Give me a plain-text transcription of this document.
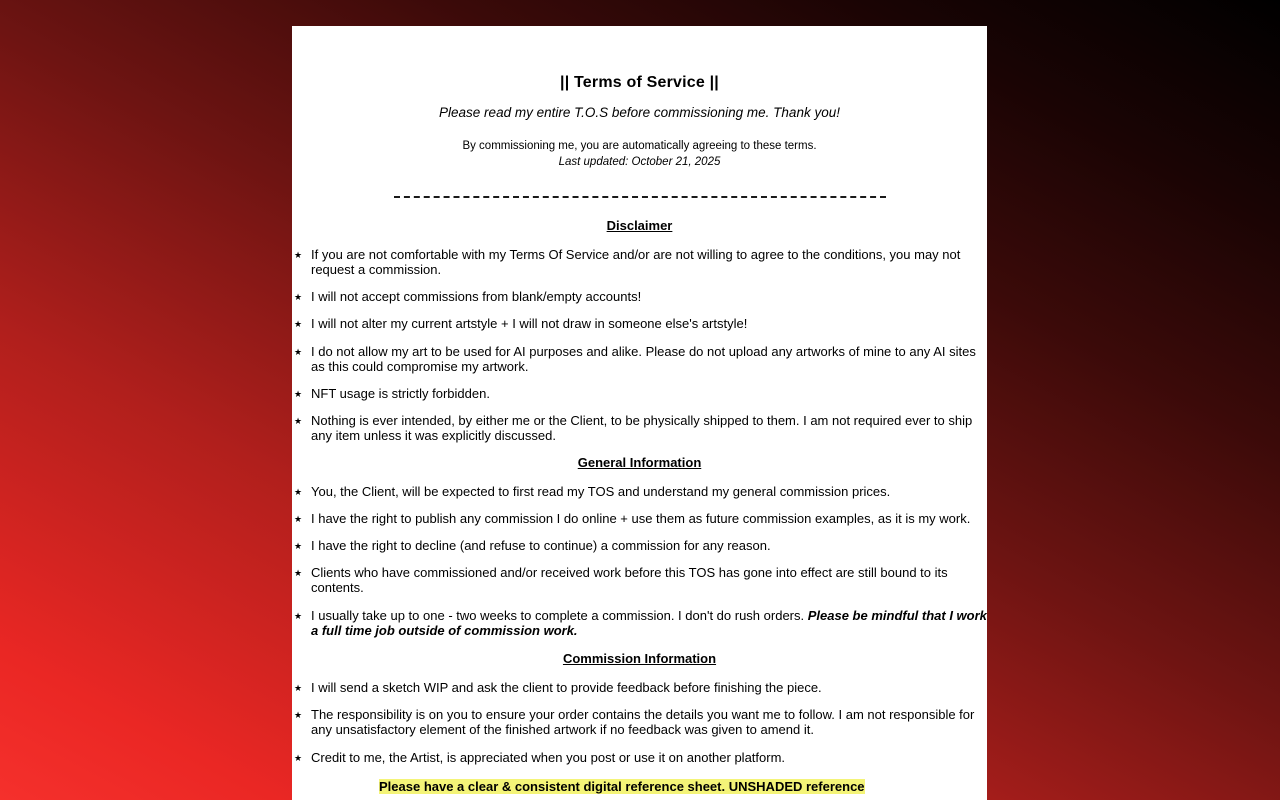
|| Terms of Service ||

Please read my entire T.O.S before commissioning me. Thank you!

By commissioning me, you are automatically agreeing to these terms.

Last updated: October 21, 2025

Disclaimer
★ If you are not comfortable with my Terms Of Service and/or are not willing to agree to the conditions, you may not request a commission.
★ I will not accept commissions from blank/empty accounts!
★ I will not alter my current artstyle + I will not draw in someone else's artstyle!
★ I do not allow my art to be used for AI purposes and alike. Please do not upload any artworks of mine to any AI sites as this could compromise my artwork.
★ NFT usage is strictly forbidden.
★ Nothing is ever intended, by either me or the Client, to be physically shipped to them. I am not required ever to ship any item unless it was explicitly discussed.
General Information
★ You, the Client, will be expected to first read my TOS and understand my general commission prices.
★ I have the right to publish any commission I do online + use them as future commission examples, as it is my work.
★ I have the right to decline (and refuse to continue) a commission for any reason.
★ Clients who have commissioned and/or received work before this TOS has gone into effect are still bound to its contents.
★ I usually take up to one - two weeks to complete a commission. I don't do rush orders. Please be mindful that I work a full time job outside of commission work.
Commission Information
★ I will send a sketch WIP and ask the client to provide feedback before finishing the piece.
★ The responsibility is on you to ensure your order contains the details you want me to follow. I am not responsible for any unsatisfactory element of the finished artwork if no feedback was given to amend it.
★ Credit to me, the Artist, is appreciated when you post or use it on another platform.

Please have a clear & consistent digital reference sheet. UNSHADED reference
